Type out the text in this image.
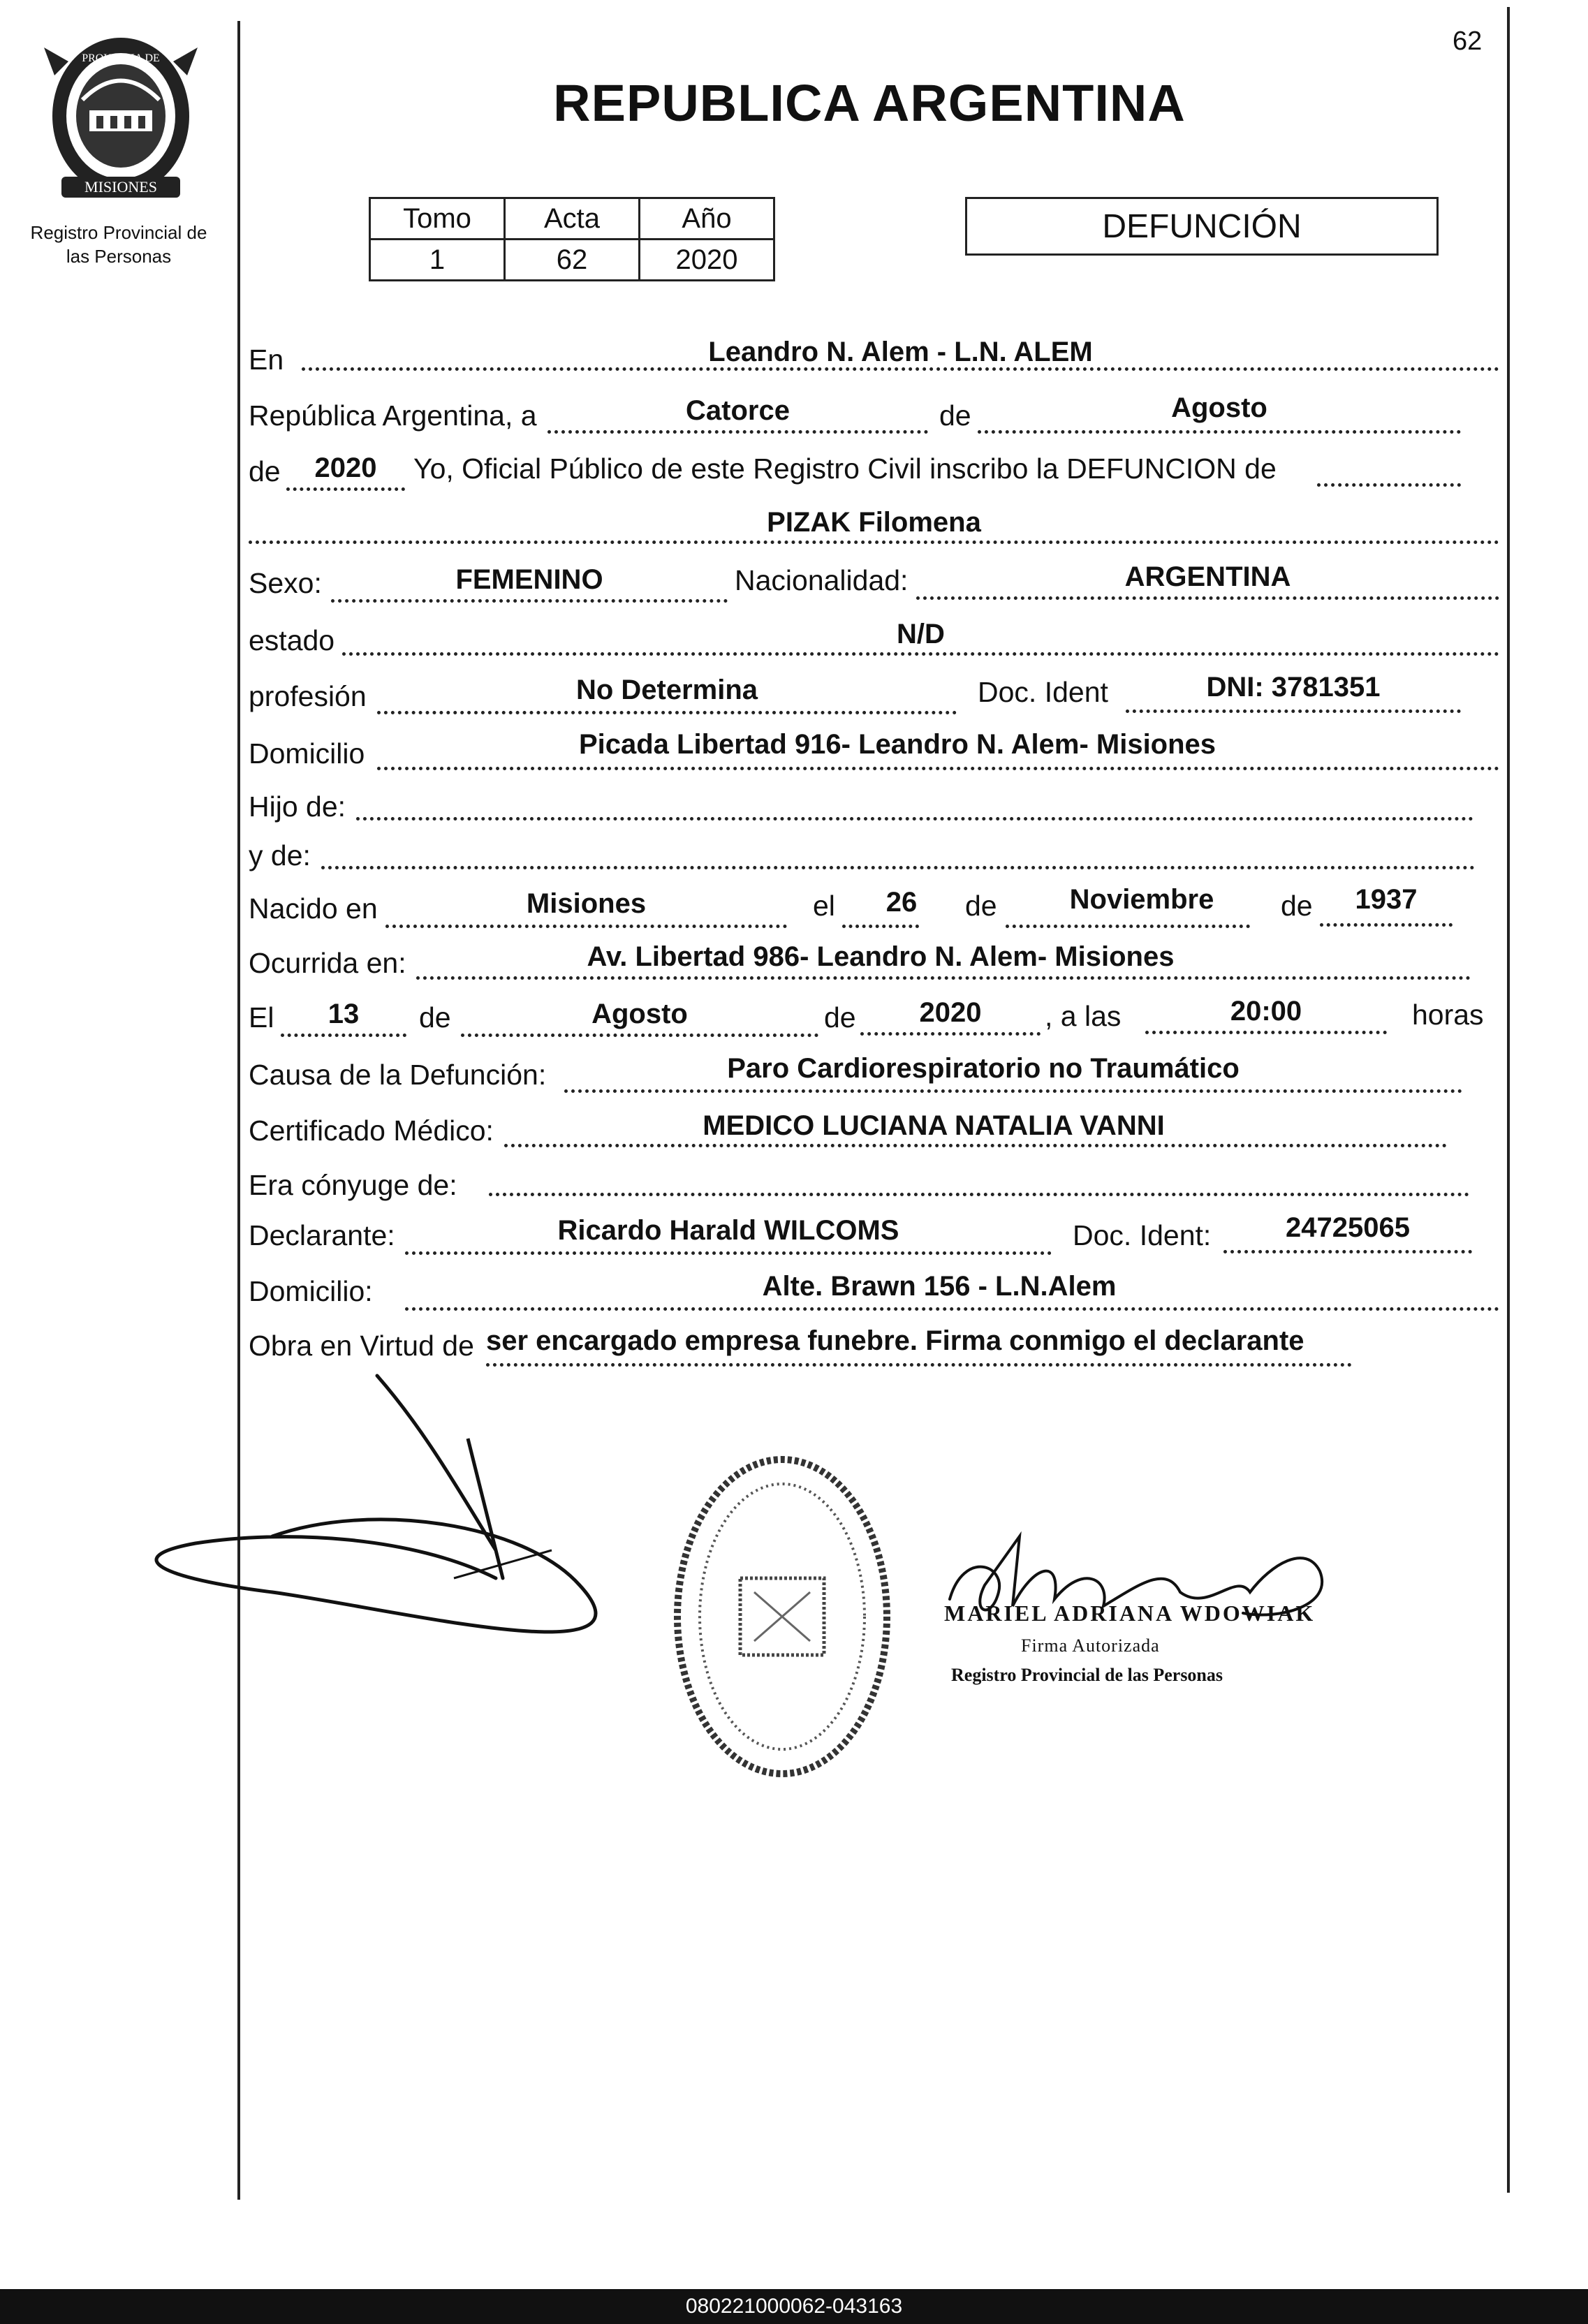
PROVINCIA DE
MISIONES
Registro Provincial de
las Personas
62
REPUBLICA ARGENTINA
Tomo	Acta	Año
1	62	2020
DEFUNCIÓN
En	Leandro N. Alem - L.N. ALEM
República Argentina, a	Catorce	de	Agosto
de	2020	Yo, Oficial Público de este Registro Civil inscribo la DEFUNCION de
PIZAK Filomena
Sexo:	FEMENINO	Nacionalidad:	ARGENTINA
estado	N/D
profesión	No Determina	Doc. Ident	DNI: 3781351
Domicilio	Picada Libertad 916- Leandro N. Alem- Misiones
Hijo de:
y de:
Nacido en	Misiones	el	26	de	Noviembre	de	1937
Ocurrida en:	Av. Libertad 986- Leandro N. Alem- Misiones
El	13	de	Agosto	de	2020	, a las	20:00	horas
Causa de la Defunción:	Paro Cardiorespiratorio no Traumático
Certificado Médico:	MEDICO LUCIANA NATALIA VANNI
Era cónyuge de:
Declarante:	Ricardo Harald WILCOMS	Doc. Ident:	24725065
Domicilio:	Alte. Brawn 156 - L.N.Alem
Obra en Virtud de ser encargado empresa funebre. Firma conmigo el declarante
MARIEL ADRIANA WDOWIAK
Firma Autorizada
Registro Provincial de las Personas
080221000062-043163
